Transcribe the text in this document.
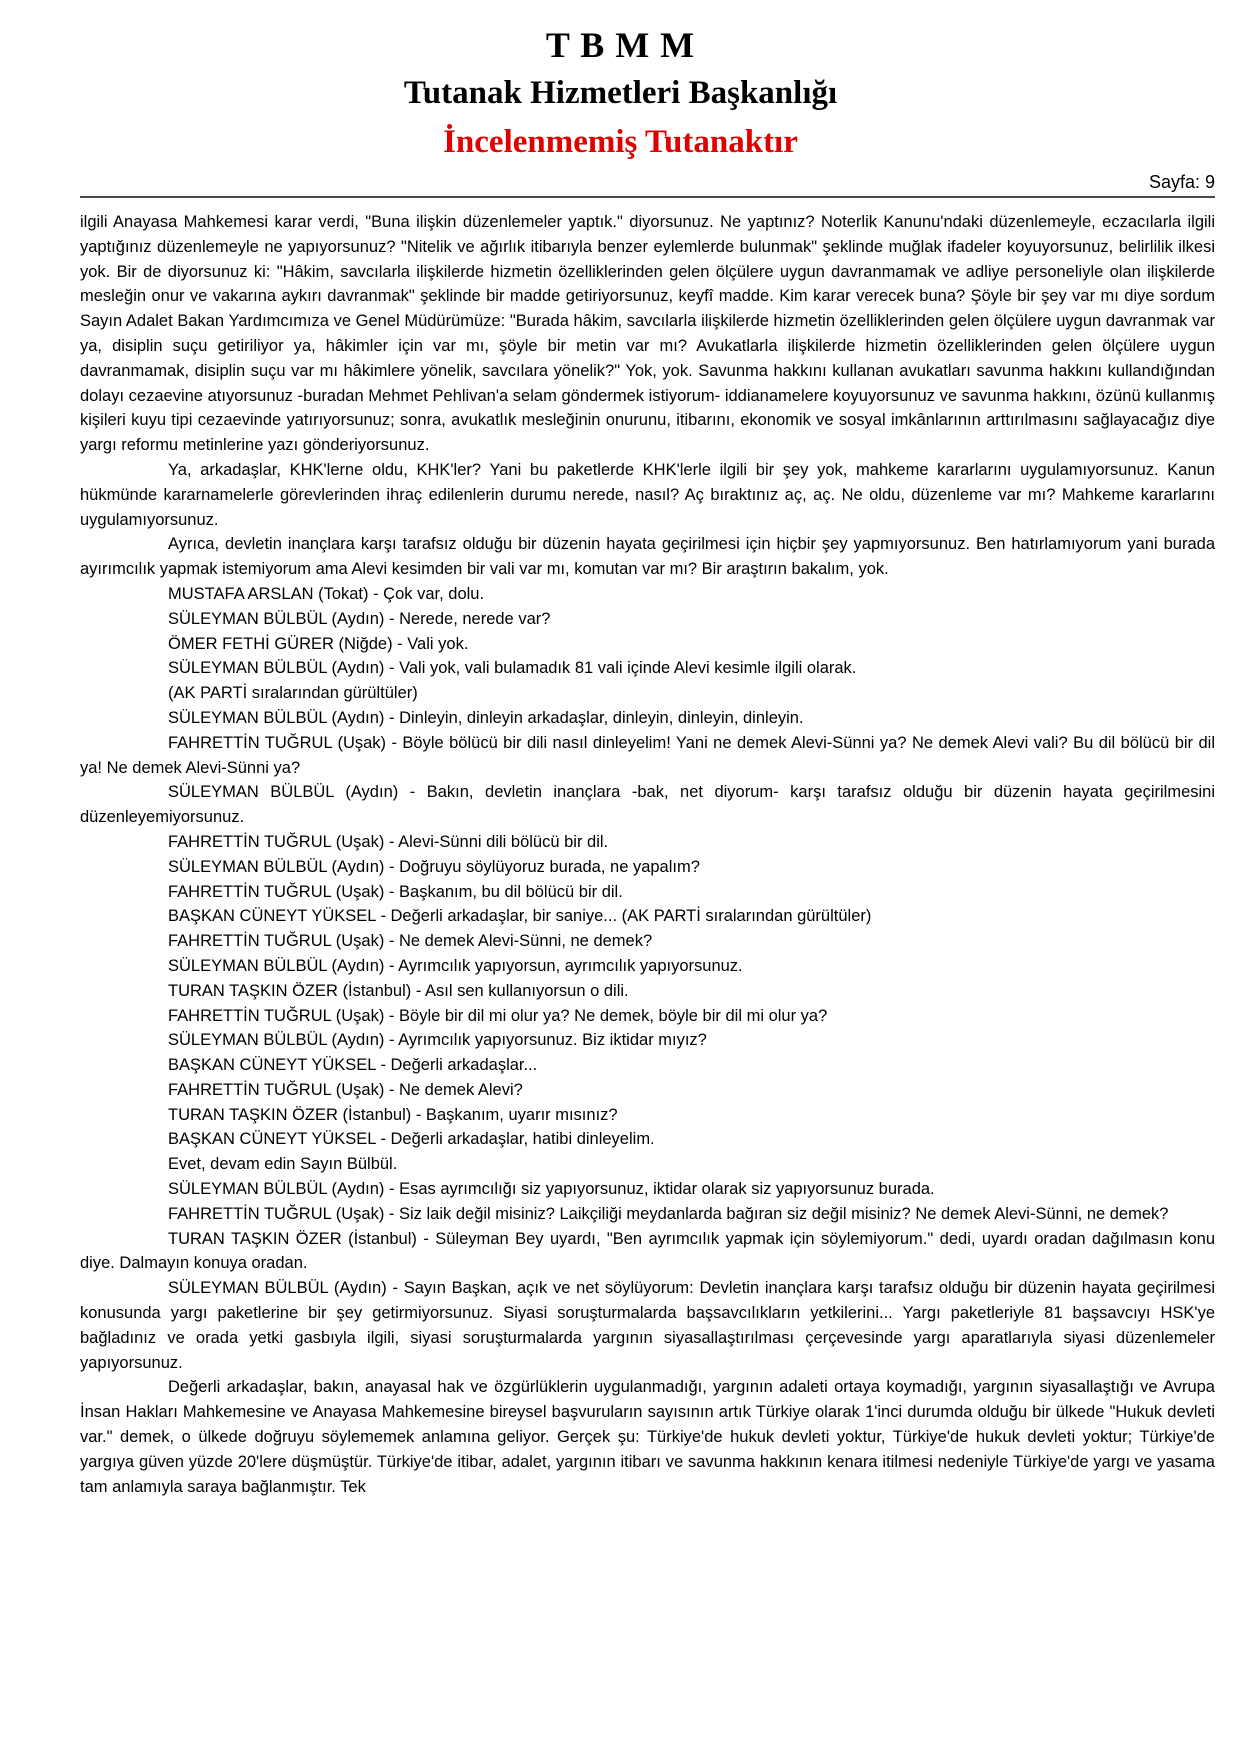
T B M M
Tutanak Hizmetleri Başkanlığı
İncelenmemiş Tutanaktır
Sayfa: 9

ilgili Anayasa Mahkemesi karar verdi, "Buna ilişkin düzenlemeler yaptık." diyorsunuz. Ne yaptınız? Noterlik Kanunu'ndaki düzenlemeyle, eczacılarla ilgili yaptığınız düzenlemeyle ne yapıyorsunuz? "Nitelik ve ağırlık itibarıyla benzer eylemlerde bulunmak" şeklinde muğlak ifadeler koyuyorsunuz, belirlilik ilkesi yok. Bir de diyorsunuz ki: "Hâkim, savcılarla ilişkilerde hizmetin özelliklerinden gelen ölçülere uygun davranmamak ve adliye personeliyle olan ilişkilerde mesleğin onur ve vakarına aykırı davranmak" şeklinde bir madde getiriyorsunuz, keyfî madde. Kim karar verecek buna? Şöyle bir şey var mı diye sordum Sayın Adalet Bakan Yardımcımıza ve Genel Müdürümüze: "Burada hâkim, savcılarla ilişkilerde hizmetin özelliklerinden gelen ölçülere uygun davranmak var ya, disiplin suçu getiriliyor ya, hâkimler için var mı, şöyle bir metin var mı? Avukatlarla ilişkilerde hizmetin özelliklerinden gelen ölçülere uygun davranmamak, disiplin suçu var mı hâkimlere yönelik, savcılara yönelik?" Yok, yok. Savunma hakkını kullanan avukatları savunma hakkını kullandığından dolayı cezaevine atıyorsunuz -buradan Mehmet Pehlivan'a selam göndermek istiyorum- iddianamelere koyuyorsunuz ve savunma hakkını, özünü kullanmış kişileri kuyu tipi cezaevinde yatırıyorsunuz; sonra, avukatlık mesleğinin onurunu, itibarını, ekonomik ve sosyal imkânlarının arttırılmasını sağlayacağız diye yargı reformu metinlerine yazı gönderiyorsunuz.

Ya, arkadaşlar, KHK'lerne oldu, KHK'ler? Yani bu paketlerde KHK'lerle ilgili bir şey yok, mahkeme kararlarını uygulamıyorsunuz. Kanun hükmünde kararnamelerle görevlerinden ihraç edilenlerin durumu nerede, nasıl? Aç bıraktınız aç, aç. Ne oldu, düzenleme var mı? Mahkeme kararlarını uygulamıyorsunuz.

Ayrıca, devletin inançlara karşı tarafsız olduğu bir düzenin hayata geçirilmesi için hiçbir şey yapmıyorsunuz. Ben hatırlamıyorum yani burada ayırımcılık yapmak istemiyorum ama Alevi kesimden bir vali var mı, komutan var mı? Bir araştırın bakalım, yok.

MUSTAFA ARSLAN (Tokat) - Çok var, dolu.

SÜLEYMAN BÜLBÜL (Aydın) - Nerede, nerede var?

ÖMER FETHİ GÜRER (Niğde) - Vali yok.

SÜLEYMAN BÜLBÜL (Aydın) - Vali yok, vali bulamadık 81 vali içinde Alevi kesimle ilgili olarak.

(AK PARTİ sıralarından gürültüler)

SÜLEYMAN BÜLBÜL (Aydın) - Dinleyin, dinleyin arkadaşlar, dinleyin, dinleyin, dinleyin.

FAHRETTİN TUĞRUL (Uşak) - Böyle bölücü bir dili nasıl dinleyelim! Yani ne demek Alevi-Sünni ya? Ne demek Alevi vali? Bu dil bölücü bir dil ya! Ne demek Alevi-Sünni ya?

SÜLEYMAN BÜLBÜL (Aydın) - Bakın, devletin inançlara -bak, net diyorum- karşı tarafsız olduğu bir düzenin hayata geçirilmesini düzenleyemiyorsunuz.

FAHRETTİN TUĞRUL (Uşak) - Alevi-Sünni dili bölücü bir dil.

SÜLEYMAN BÜLBÜL (Aydın) - Doğruyu söylüyoruz burada, ne yapalım?

FAHRETTİN TUĞRUL (Uşak) - Başkanım, bu dil bölücü bir dil.

BAŞKAN CÜNEYT YÜKSEL - Değerli arkadaşlar, bir saniye... (AK PARTİ sıralarından gürültüler)

FAHRETTİN TUĞRUL (Uşak) - Ne demek Alevi-Sünni, ne demek?

SÜLEYMAN BÜLBÜL (Aydın) - Ayrımcılık yapıyorsun, ayrımcılık yapıyorsunuz.

TURAN TAŞKIN ÖZER (İstanbul) - Asıl sen kullanıyorsun o dili.

FAHRETTİN TUĞRUL (Uşak) - Böyle bir dil mi olur ya? Ne demek, böyle bir dil mi olur ya?

SÜLEYMAN BÜLBÜL (Aydın) - Ayrımcılık yapıyorsunuz. Biz iktidar mıyız?

BAŞKAN CÜNEYT YÜKSEL - Değerli arkadaşlar...

FAHRETTİN TUĞRUL (Uşak) - Ne demek Alevi?

TURAN TAŞKIN ÖZER (İstanbul) - Başkanım, uyarır mısınız?

BAŞKAN CÜNEYT YÜKSEL - Değerli arkadaşlar, hatibi dinleyelim.

Evet, devam edin Sayın Bülbül.

SÜLEYMAN BÜLBÜL (Aydın) - Esas ayrımcılığı siz yapıyorsunuz, iktidar olarak siz yapıyorsunuz burada.

FAHRETTİN TUĞRUL (Uşak) - Siz laik değil misiniz? Laikçiliği meydanlarda bağıran siz değil misiniz? Ne demek Alevi-Sünni, ne demek?

TURAN TAŞKIN ÖZER (İstanbul) - Süleyman Bey uyardı, "Ben ayrımcılık yapmak için söylemiyorum." dedi, uyardı oradan dağılmasın konu diye. Dalmayın konuya oradan.

SÜLEYMAN BÜLBÜL (Aydın) - Sayın Başkan, açık ve net söylüyorum: Devletin inançlara karşı tarafsız olduğu bir düzenin hayata geçirilmesi konusunda yargı paketlerine bir şey getirmiyorsunuz. Siyasi soruşturmalarda başsavcılıkların yetkilerini... Yargı paketleriyle 81 başsavcıyı HSK'ye bağladınız ve orada yetki gasbıyla ilgili, siyasi soruşturmalarda yargının siyasallaştırılması çerçevesinde yargı aparatlarıyla siyasi düzenlemeler yapıyorsunuz.

Değerli arkadaşlar, bakın, anayasal hak ve özgürlüklerin uygulanmadığı, yargının adaleti ortaya koymadığı, yargının siyasallaştığı ve Avrupa İnsan Hakları Mahkemesine ve Anayasa Mahkemesine bireysel başvuruların sayısının artık Türkiye olarak 1'inci durumda olduğu bir ülkede "Hukuk devleti var." demek, o ülkede doğruyu söylememek anlamına geliyor. Gerçek şu: Türkiye'de hukuk devleti yoktur, Türkiye'de hukuk devleti yoktur; Türkiye'de yargıya güven yüzde 20'lere düşmüştür. Türkiye'de itibar, adalet, yargının itibarı ve savunma hakkının kenara itilmesi nedeniyle Türkiye'de yargı ve yasama tam anlamıyla saraya bağlanmıştır. Tek
